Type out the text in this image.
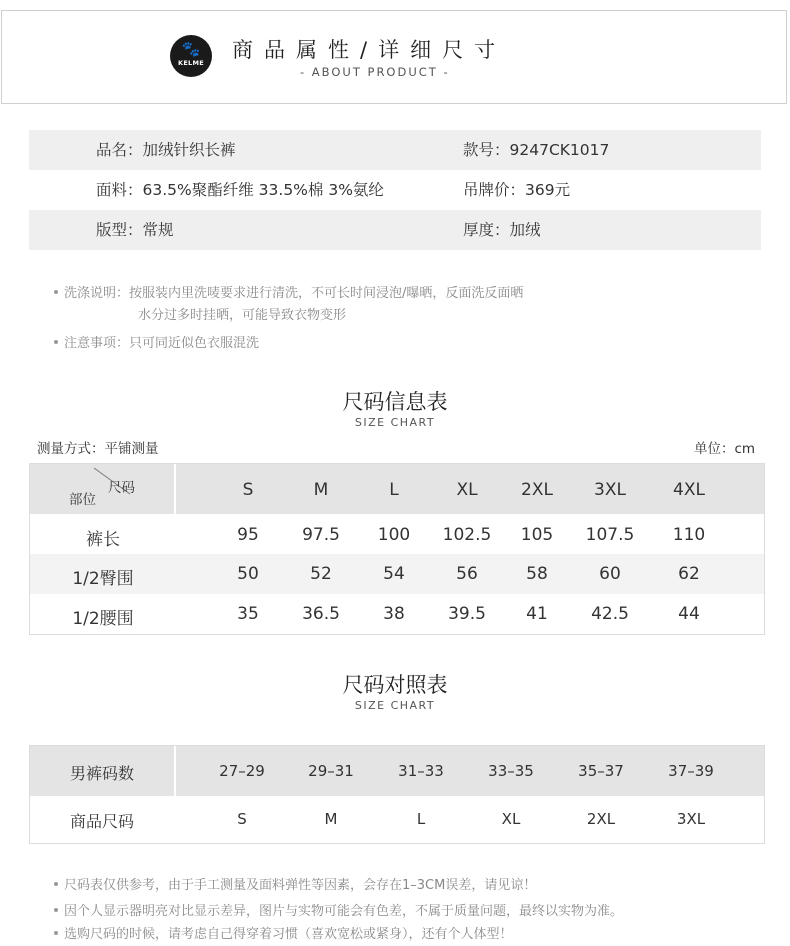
🐾
KELME
商品属性/详细尺寸
- ABOUT PRODUCT -
品名：加绒针织长裤	款号：9247CK1017
面料：63.5%聚酯纤维 33.5%棉 3%氨纶	吊牌价：369元
版型：常规	厚度：加绒
洗涤说明：按服装内里洗唛要求进行清洗，不可长时间浸泡/曝晒，反面洗反面晒
水分过多时挂晒，可能导致衣物变形
注意事项：只可同近似色衣服混洗
尺码信息表
SIZE CHART
测量方式：平铺测量	单位：cm
尺码
部位	S	M	L	XL	2XL	3XL	4XL
裤长	95	97.5	100	102.5	105	107.5	110
1/2臀围	50	52	54	56	58	60	62
1/2腰围	35	36.5	38	39.5	41	42.5	44
尺码对照表
SIZE CHART
男裤码数	27–29	29–31	31–33	33–35	35–37	37–39
商品尺码	S	M	L	XL	2XL	3XL
尺码表仅供参考，由于手工测量及面料弹性等因素，会存在1–3CM误差，请见谅！
因个人显示器明亮对比显示差异，图片与实物可能会有色差，不属于质量问题，最终以实物为准。
选购尺码的时候，请考虑自己得穿着习惯（喜欢宽松或紧身），还有个人体型！
